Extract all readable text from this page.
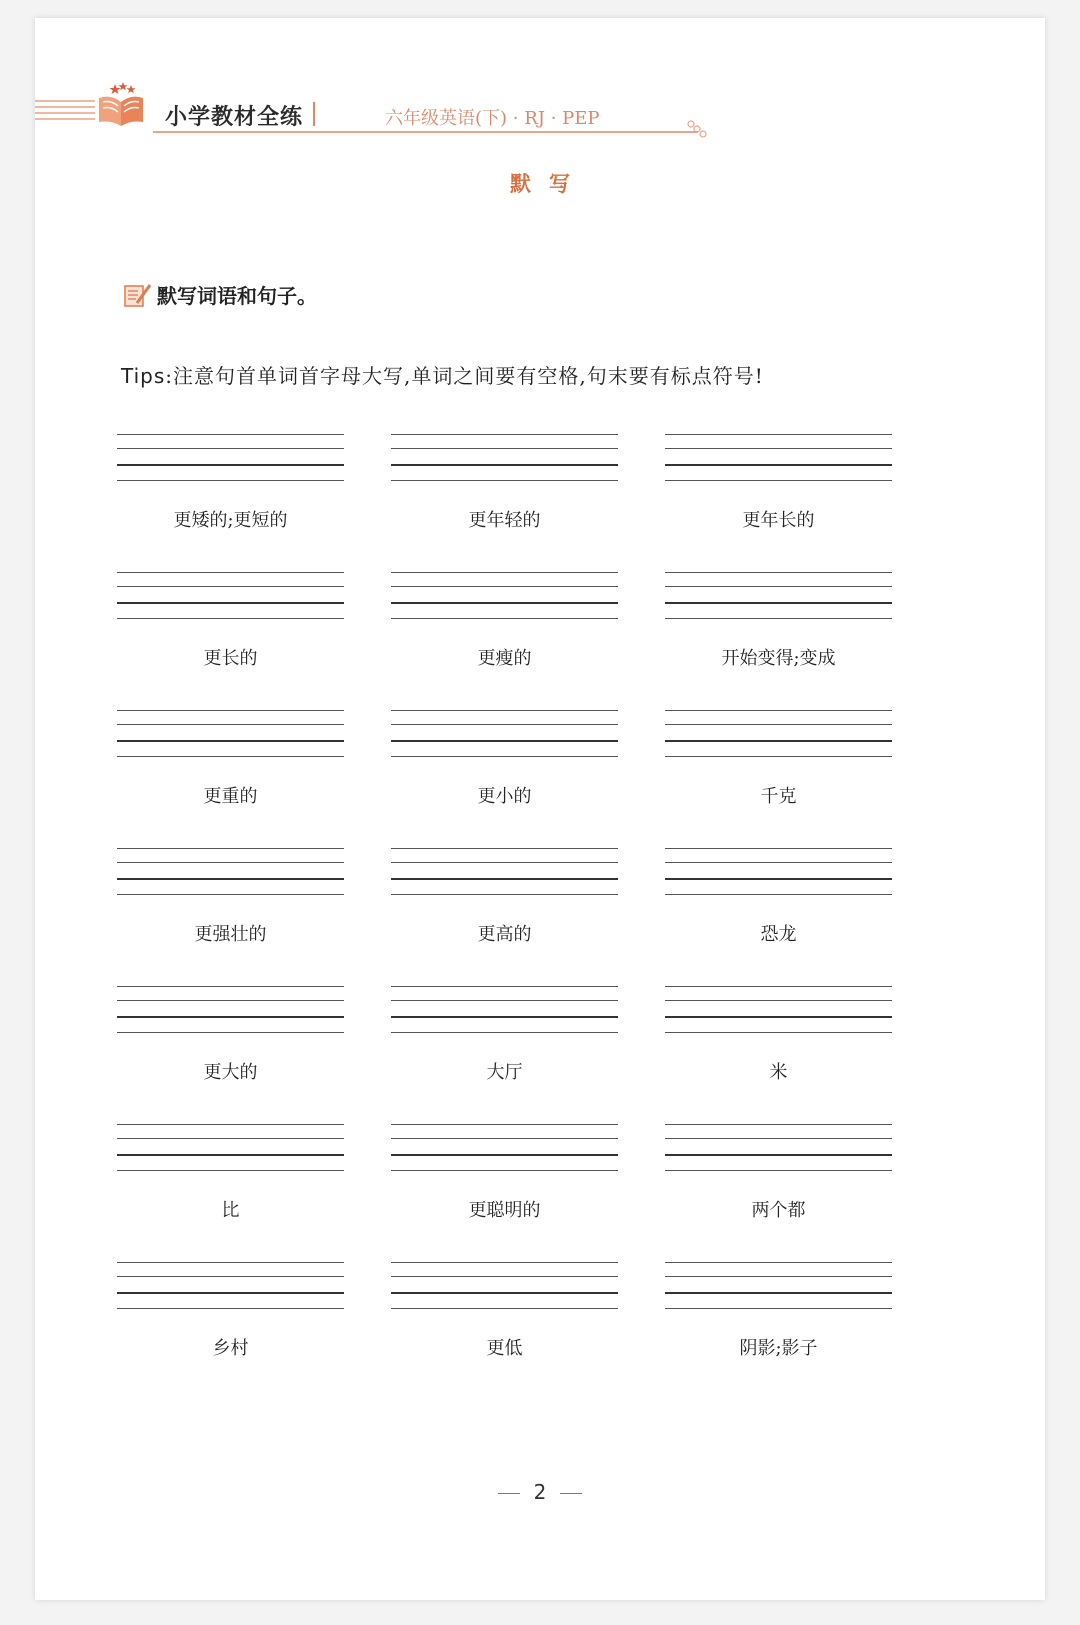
小学教材全练	六年级英语(下) · RJ · PEP
默写
默写词语和句子。
Tips:注意句首单词首字母大写,单词之间要有空格,句末要有标点符号!
更矮的;更短的	更年轻的	更年长的
更长的	更瘦的	开始变得;变成
更重的	更小的	千克
更强壮的	更高的	恐龙
更大的	大厅	米
比	更聪明的	两个都
乡村	更低	阴影;影子
2
